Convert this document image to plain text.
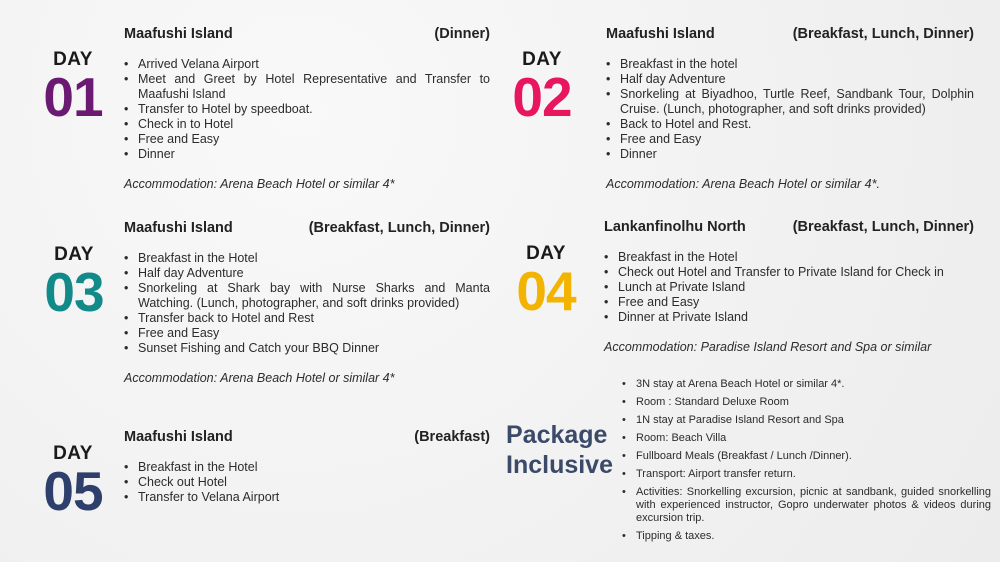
DAY
01
Maafushi Island	(Dinner)
• Arrived Velana Airport
• Meet and Greet by Hotel Representative and Transfer to Maafushi Island
• Transfer to Hotel by speedboat.
• Check in to Hotel
• Free and Easy
• Dinner
Accommodation: Arena Beach Hotel or similar 4*
DAY
02
Maafushi Island	(Breakfast, Lunch, Dinner)
• Breakfast in the hotel
• Half day Adventure
• Snorkeling at Biyadhoo, Turtle Reef, Sandbank Tour, Dolphin Cruise. (Lunch, photographer, and soft drinks provided)
• Back to Hotel and Rest.
• Free and Easy
• Dinner
Accommodation: Arena Beach Hotel or similar 4*.
DAY
03
Maafushi Island	(Breakfast, Lunch, Dinner)
• Breakfast in the Hotel
• Half day Adventure
• Snorkeling at Shark bay with Nurse Sharks and Manta Watching. (Lunch, photographer, and soft drinks provided)
• Transfer back to Hotel and Rest
• Free and Easy
• Sunset Fishing and Catch your BBQ Dinner
Accommodation: Arena Beach Hotel or similar 4*
DAY
04
Lankanfinolhu North	(Breakfast, Lunch, Dinner)
• Breakfast in the Hotel
• Check out Hotel and Transfer to Private Island for Check in
• Lunch at Private Island
• Free and Easy
• Dinner at Private Island
Accommodation: Paradise Island Resort and Spa or similar
DAY
05
Maafushi Island	(Breakfast)
• Breakfast in the Hotel
• Check out Hotel
• Transfer to Velana Airport
Package
Inclusive
• 3N stay at Arena Beach Hotel or similar 4*.
• Room : Standard Deluxe Room
• 1N stay at Paradise Island Resort and Spa
• Room: Beach Villa
• Fullboard Meals (Breakfast / Lunch /Dinner).
• Transport: Airport transfer return.
• Activities: Snorkelling excursion, picnic at sandbank, guided snorkelling with experienced instructor, Gopro underwater photos & videos during excursion trip.
• Tipping & taxes.
